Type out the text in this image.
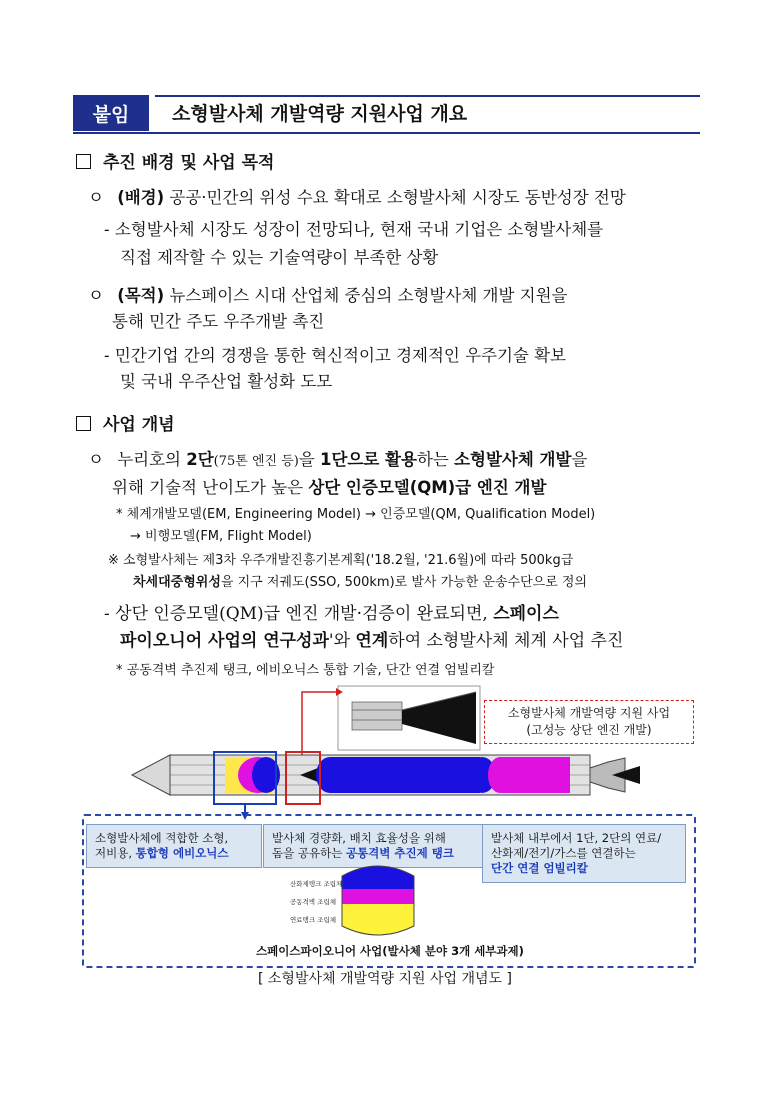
붙임	소형발사체 개발역량 지원사업 개요
추진 배경 및 사업 목적
ㅇ (배경) 공공·민간의 위성 수요 확대로 소형발사체 시장도 동반성장 전망
- 소형발사체 시장도 성장이 전망되나, 현재 국내 기업은 소형발사체를
직접 제작할 수 있는 기술역량이 부족한 상황
ㅇ (목적) 뉴스페이스 시대 산업체 중심의 소형발사체 개발 지원을
통해 민간 주도 우주개발 촉진
- 민간기업 간의 경쟁을 통한 혁신적이고 경제적인 우주기술 확보
및 국내 우주산업 활성화 도모
사업 개념
ㅇ 누리호의 2단(75톤 엔진 등)을 1단으로 활용하는 소형발사체 개발을
위해 기술적 난이도가 높은 상단 인증모델(QM)급 엔진 개발
* 체계개발모델(EM, Engineering Model) → 인증모델(QM, Qualification Model)
→ 비행모델(FM, Flight Model)
※ 소형발사체는 제3차 우주개발진흥기본계획('18.2월, '21.6월)에 따라 500kg급
차세대중형위성을 지구 저궤도(SSO, 500km)로 발사 가능한 운송수단으로 정의
- 상단 인증모델(QM)급 엔진 개발·검증이 완료되면, 스페이스
파이오니어 사업의 연구성과'와 연계하여 소형발사체 체계 사업 추진
* 공동격벽 추진제 탱크, 에비오닉스 통합 기술, 단간 연결 엄빌리칼
소형발사체 개발역량 지원 사업
(고성능 상단 엔진 개발)
소형발사체에 적합한 소형,
저비용, 통합형 에비오닉스
발사체 경량화, 배치 효율성을 위해
돔을 공유하는 공통격벽 추진제 탱크
발사체 내부에서 1단, 2단의 연료/
산화제/전기/가스를 연결하는
단간 연결 엄빌리칼
산화제탱크 조립체
공동격벽 조립체
연료탱크 조립체
스페이스파이오니어 사업(발사체 분야 3개 세부과제)
[ 소형발사체 개발역량 지원 사업 개념도 ]
